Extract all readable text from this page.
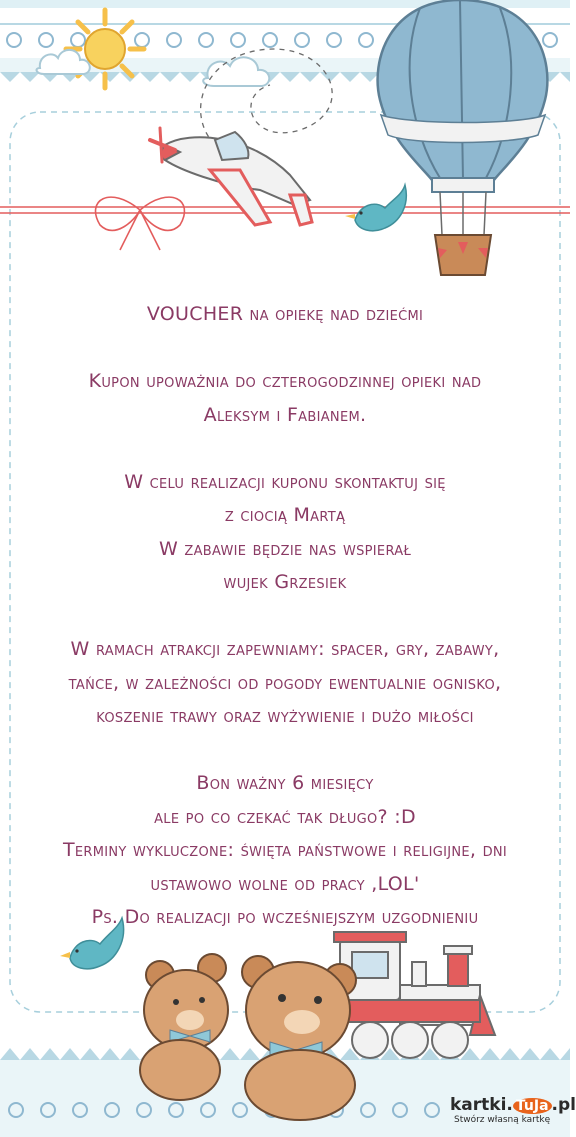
VOUCHER na opiekę nad dziećmi
Kupon upoważnia do czterogodzinnej opieki nad
Aleksym i Fabianem.
W celu realizacji kuponu skontaktuj się
z ciocią Martą
W zabawie będzie nas wspierał
wujek Grzesiek
W ramach atrakcji zapewniamy: spacer, gry, zabawy,
tańce, w zależności od pogody ewentualnie ognisko,
koszenie trawy oraz wyżywienie i dużo miłości
Bon ważny 6 miesięcy
ale po co czekać tak długo? :D
Terminy wykluczone: święta państwowe i religijne, dni
ustawowo wolne od pracy ,LOL'
Ps. Do realizacji po wcześniejszym uzgodnieniu
kartki. TuJa .pl
Stwórz własną kartkę
